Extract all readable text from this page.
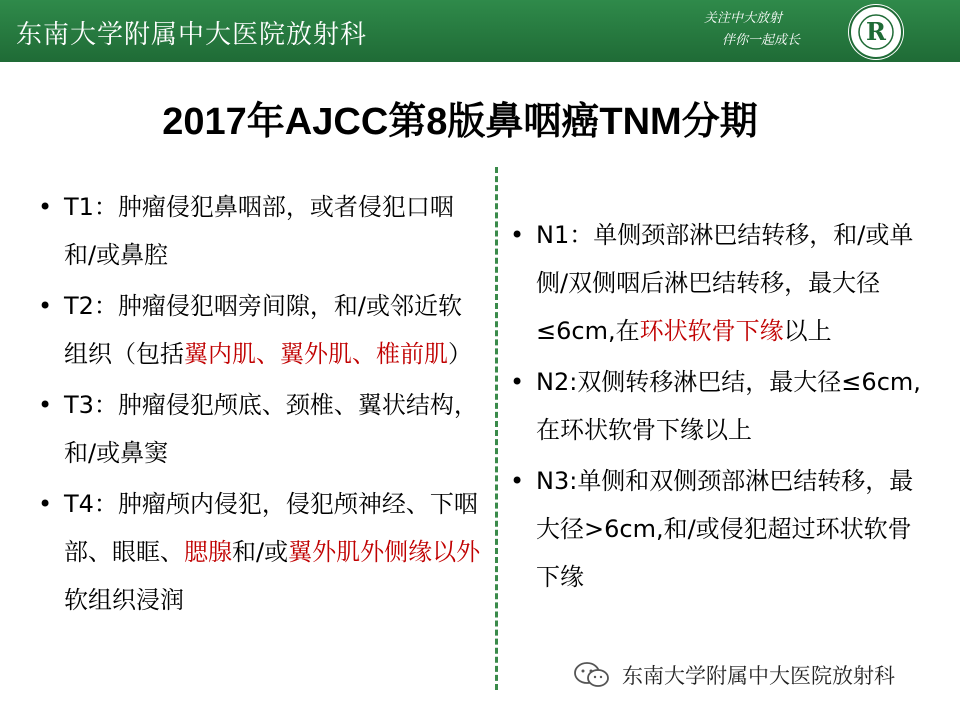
东南大学附属中大医院放射科
关注中大放射
伴你一起成长	R
2017年AJCC第8版鼻咽癌TNM分期
• T1：肿瘤侵犯鼻咽部，或者侵犯口咽和/或鼻腔
• T2：肿瘤侵犯咽旁间隙，和/或邻近软组织（包括翼内肌、翼外肌、椎前肌）
• T3：肿瘤侵犯颅底、颈椎、翼状结构，和/或鼻窦
• T4：肿瘤颅内侵犯，侵犯颅神经、下咽部、眼眶、腮腺和/或翼外肌外侧缘以外软组织浸润
• N1：单侧颈部淋巴结转移，和/或单侧/双侧咽后淋巴结转移，最大径≤6cm,在环状软骨下缘以上
• N2:双侧转移淋巴结，最大径≤6cm,在环状软骨下缘以上
• N3:单侧和双侧颈部淋巴结转移，最大径>6cm,和/或侵犯超过环状软骨下缘
东南大学附属中大医院放射科
